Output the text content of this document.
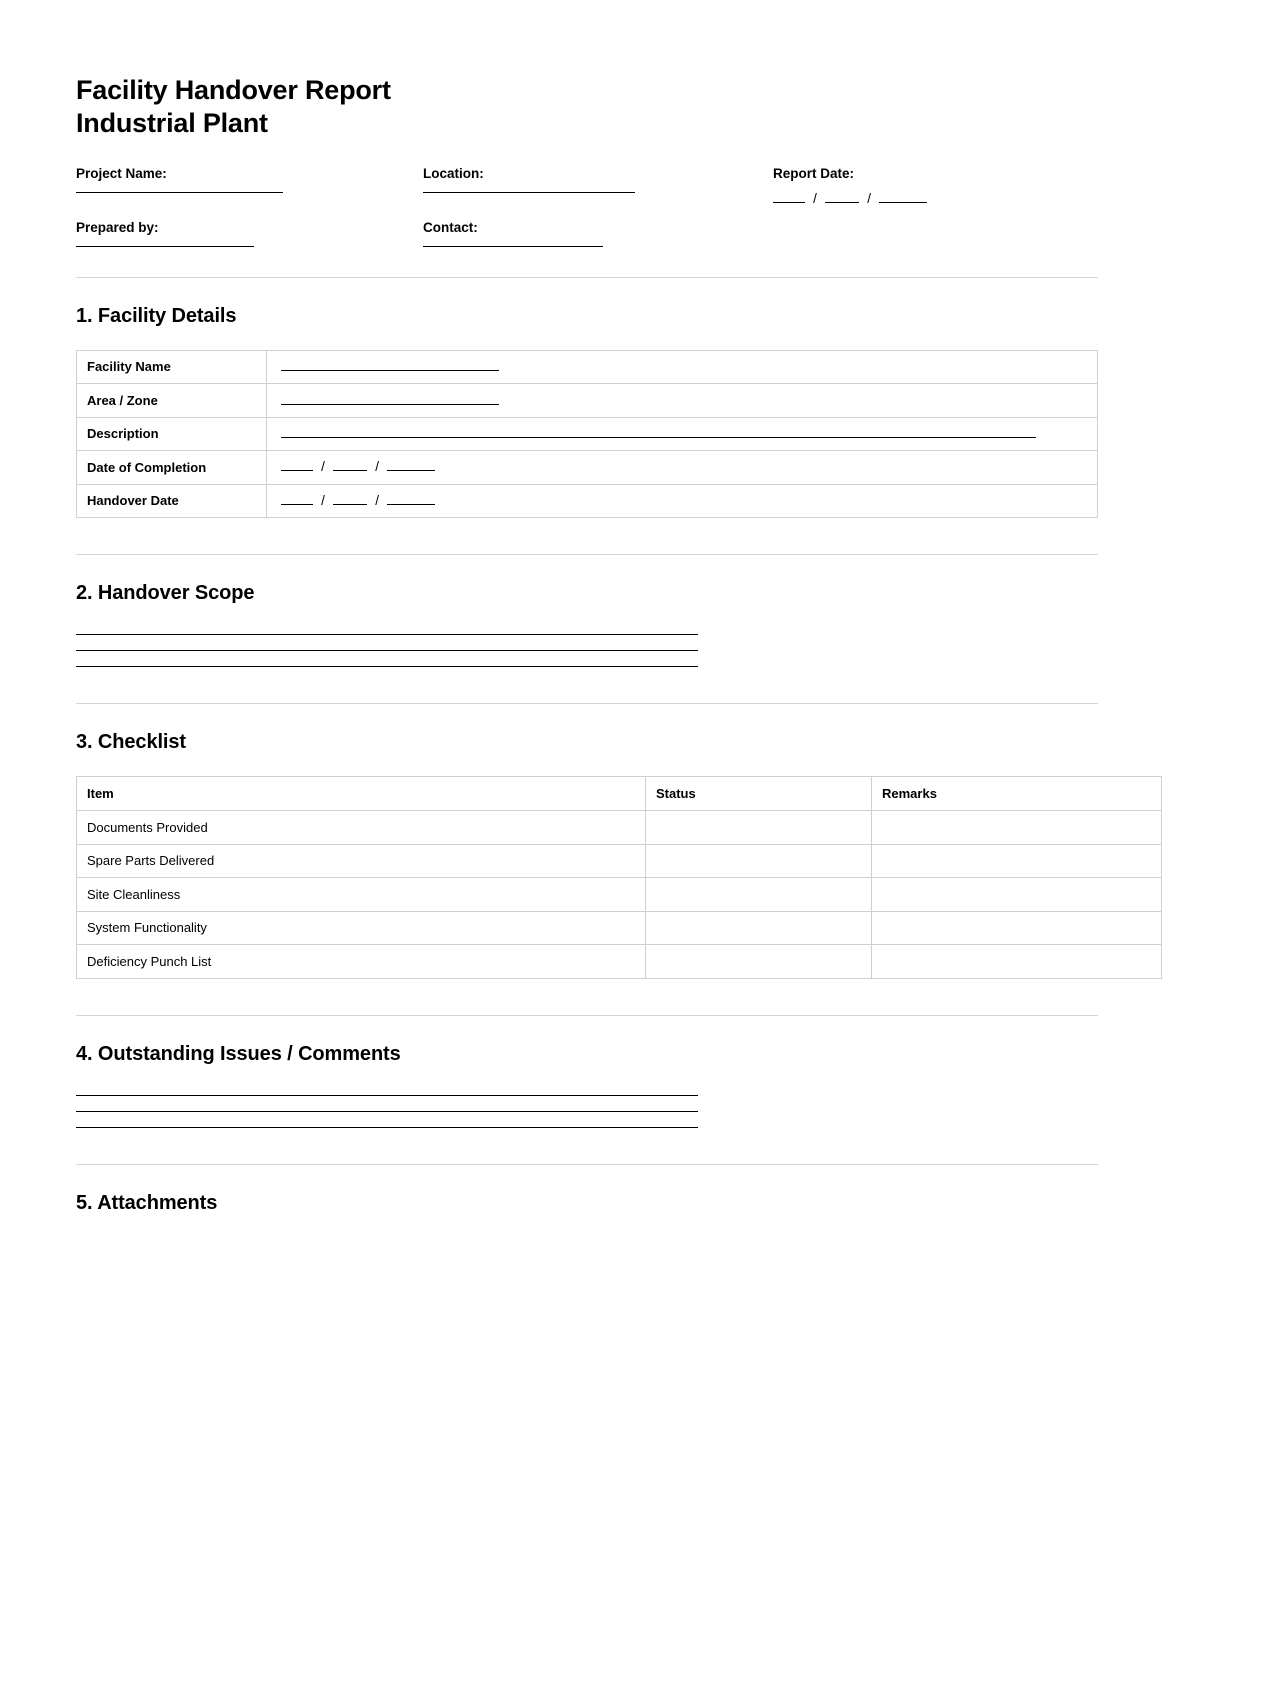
Facility Handover Report
Industrial Plant
Project Name:	Location:	Report Date:
/	/
Prepared by:	Contact:
1. Facility Details
Facility Name	
Area / Zone	
Description	
Date of Completion	/ /
Handover Date	/ /
2. Handover Scope
3. Checklist
Item	Status	Remarks
Documents Provided		
Spare Parts Delivered		
Site Cleanliness		
System Functionality		
Deficiency Punch List		
4. Outstanding Issues / Comments
5. Attachments
